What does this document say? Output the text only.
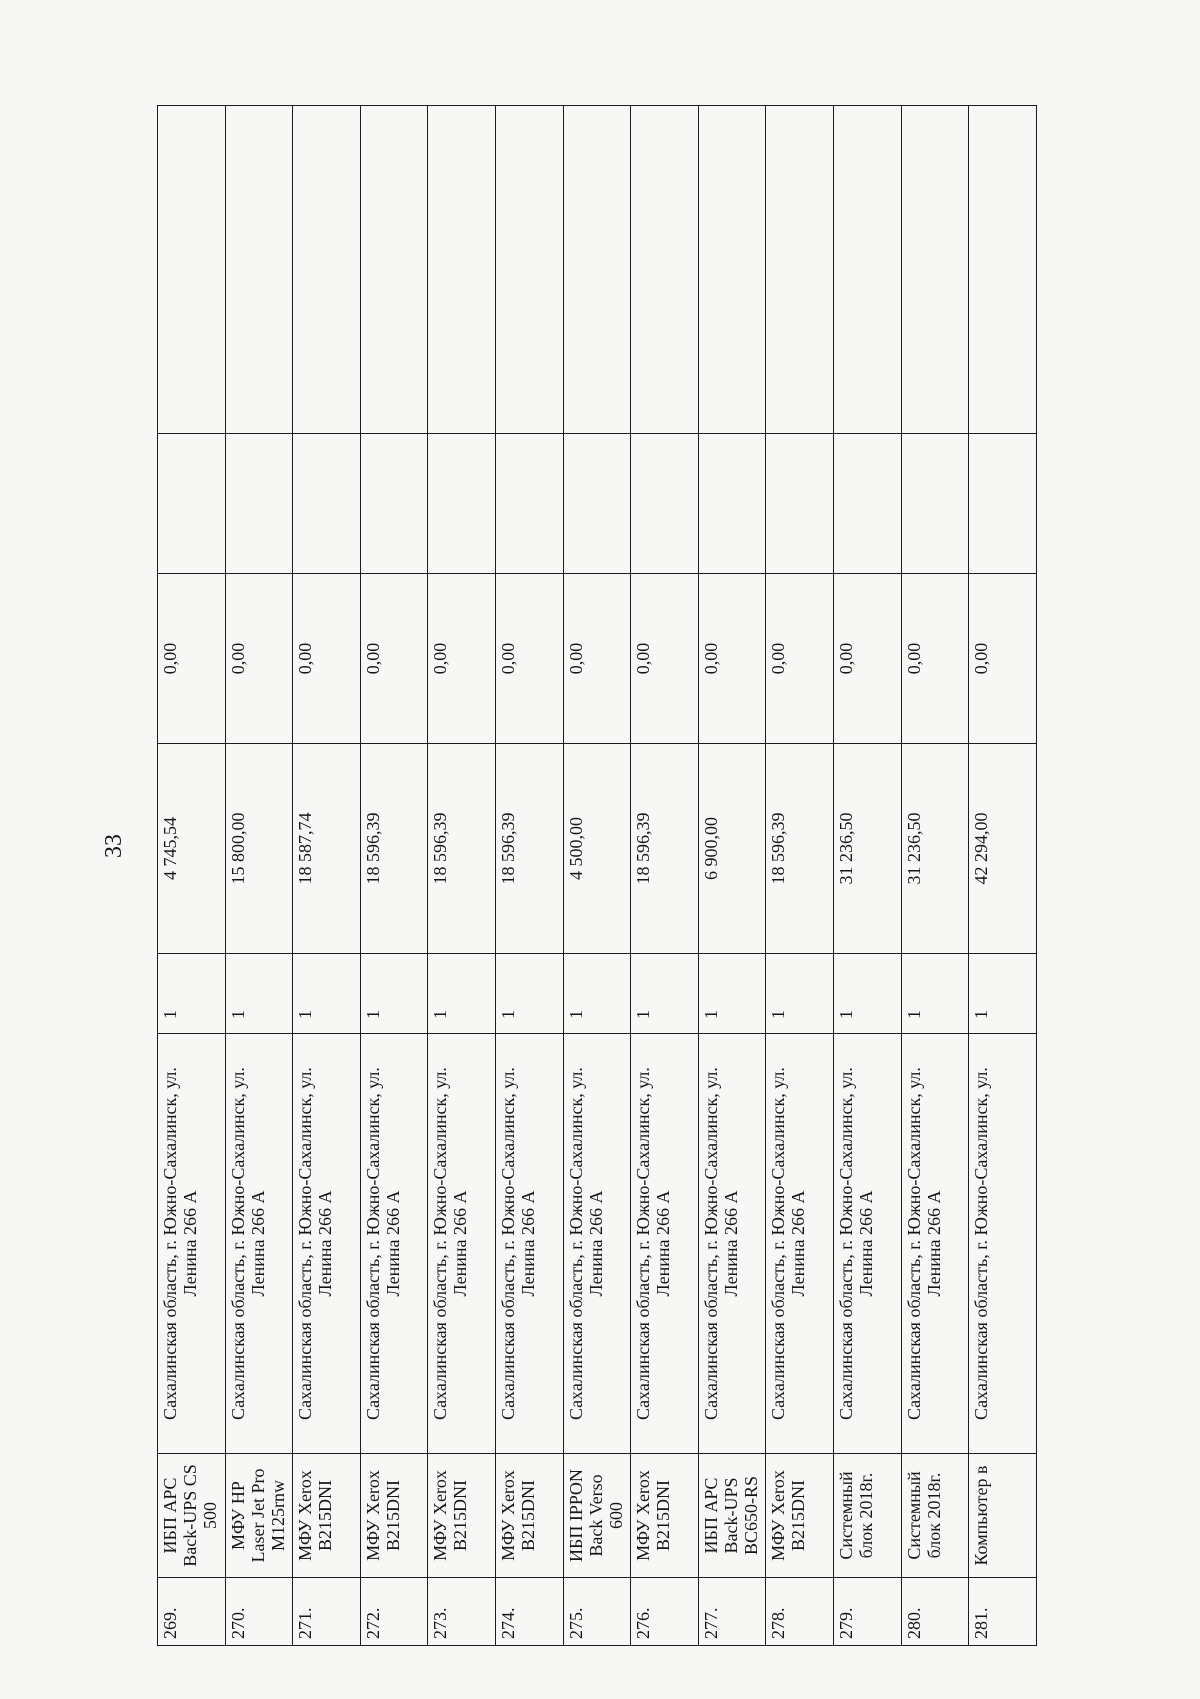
33
269.	ИБП APC Back-UPS CS 500	Сахалинская область, г. Южно-Сахалинск, ул. Ленина 266 А	1	4 745,54	0,00		
270.	МФУ HP Laser Jet Pro M125rnw	Сахалинская область, г. Южно-Сахалинск, ул. Ленина 266 А	1	15 800,00	0,00		
271.	МФУ Xerox B215DNI	Сахалинская область, г. Южно-Сахалинск, ул. Ленина 266 А	1	18 587,74	0,00		
272.	МФУ Xerox B215DNI	Сахалинская область, г. Южно-Сахалинск, ул. Ленина 266 А	1	18 596,39	0,00		
273.	МФУ Xerox B215DNI	Сахалинская область, г. Южно-Сахалинск, ул. Ленина 266 А	1	18 596,39	0,00		
274.	МФУ Xerox B215DNI	Сахалинская область, г. Южно-Сахалинск, ул. Ленина 266 А	1	18 596,39	0,00		
275.	ИБП IPPON Back Verso 600	Сахалинская область, г. Южно-Сахалинск, ул. Ленина 266 А	1	4 500,00	0,00		
276.	МФУ Xerox B215DNI	Сахалинская область, г. Южно-Сахалинск, ул. Ленина 266 А	1	18 596,39	0,00		
277.	ИБП APC Back-UPS BC650-RS	Сахалинская область, г. Южно-Сахалинск, ул. Ленина 266 А	1	6 900,00	0,00		
278.	МФУ Xerox B215DNI	Сахалинская область, г. Южно-Сахалинск, ул. Ленина 266 А	1	18 596,39	0,00		
279.	Системный блок 2018г.	Сахалинская область, г. Южно-Сахалинск, ул. Ленина 266 А	1	31 236,50	0,00		
280.	Системный блок 2018г.	Сахалинская область, г. Южно-Сахалинск, ул. Ленина 266 А	1	31 236,50	0,00		
281.	Компьютер в	Сахалинская область, г. Южно-Сахалинск, ул.	1	42 294,00	0,00		
